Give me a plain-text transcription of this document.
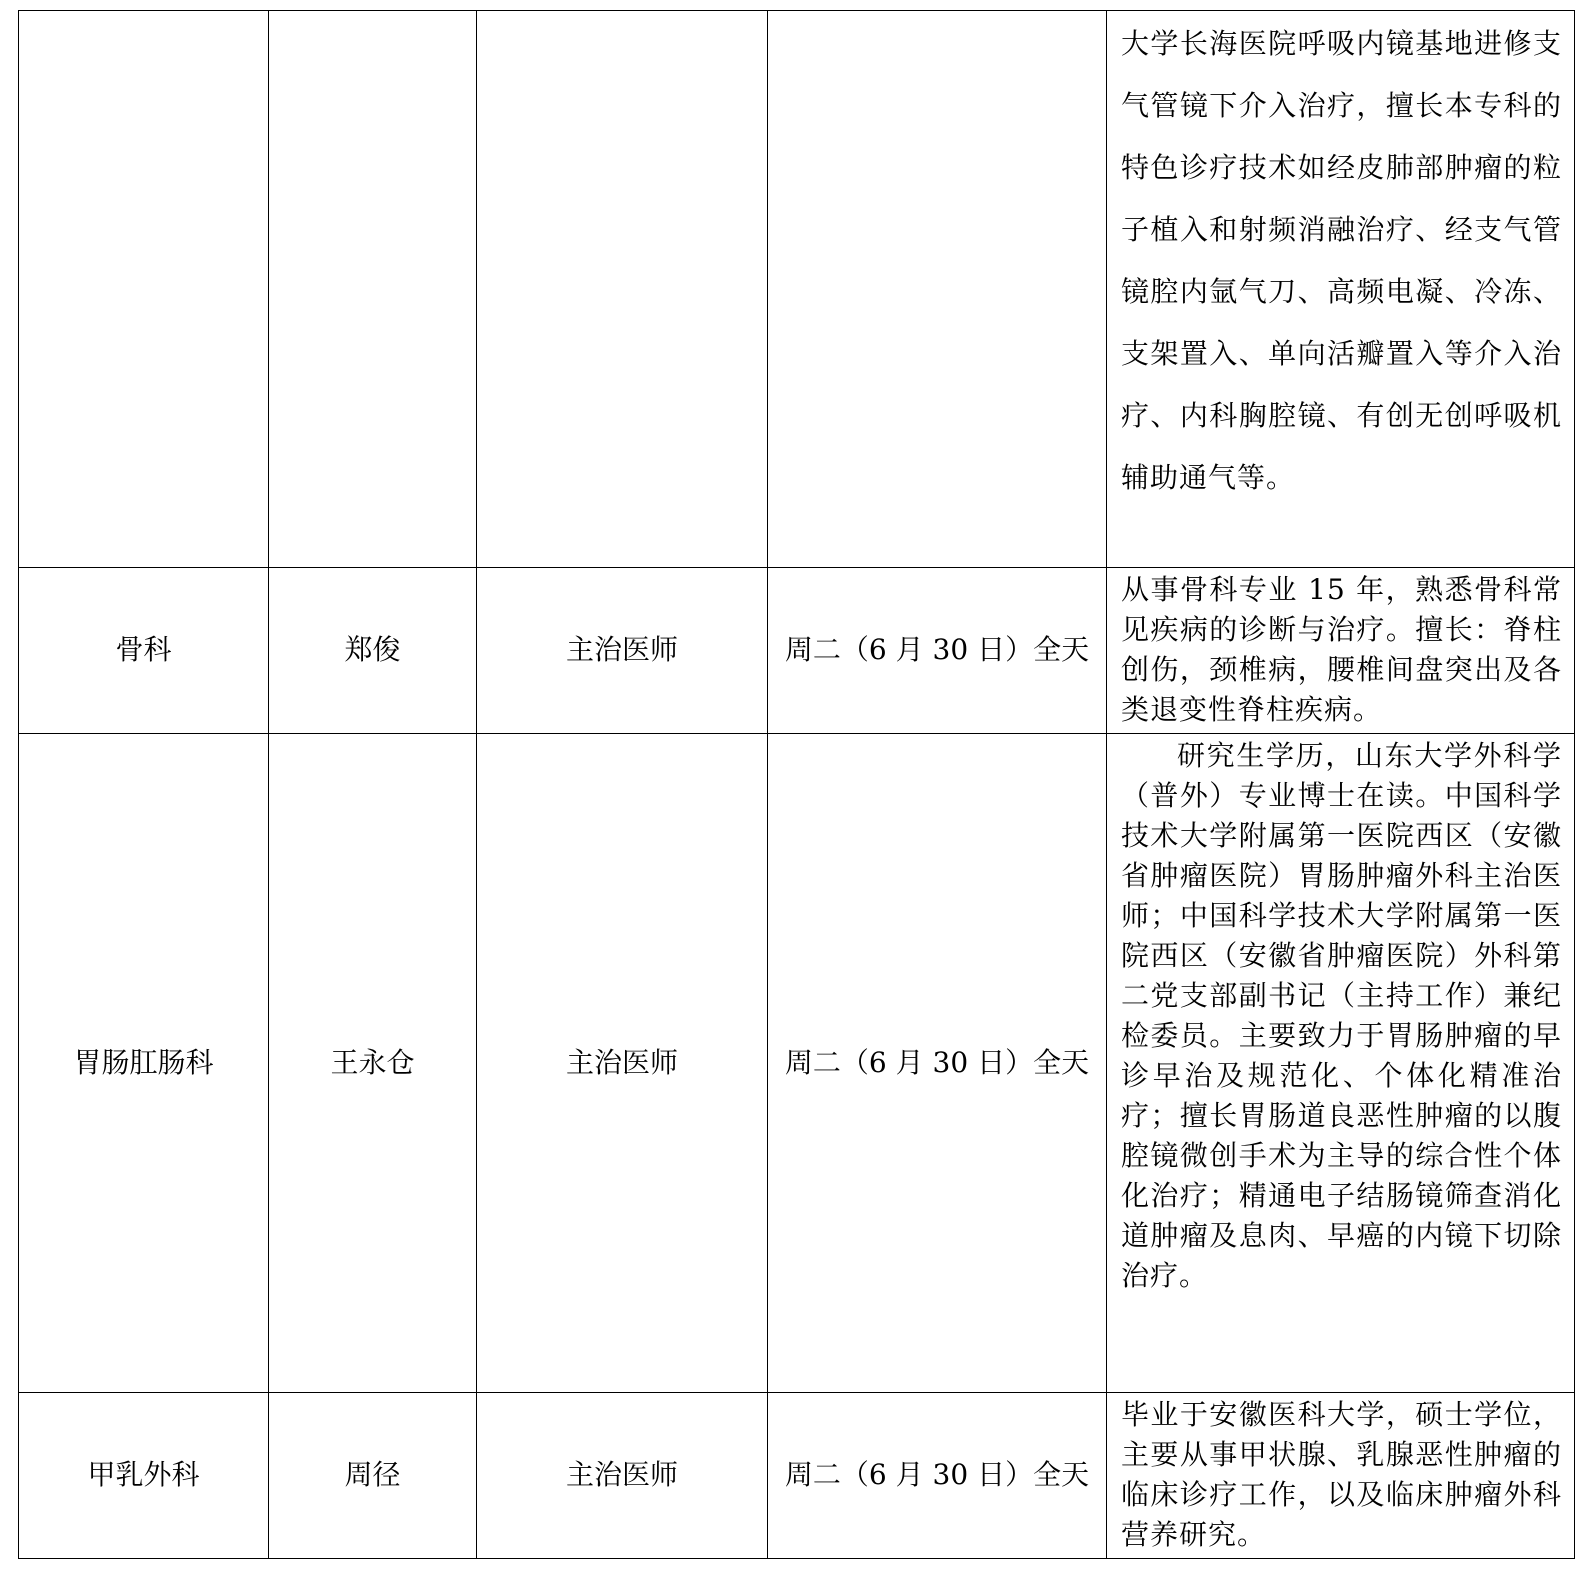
				大学长海医院呼吸内镜基地进修支气管镜下介入治疗，擅长本专科的特色诊疗技术如经皮肺部肿瘤的粒子植入和射频消融治疗、经支气管镜腔内氩气刀、高频电凝、冷冻、支架置入、单向活瓣置入等介入治疗、内科胸腔镜、有创无创呼吸机辅助通气等。

骨科	郑俊	主治医师	周二（6 月 30 日）全天	从事骨科专业 15 年，熟悉骨科常见疾病的诊断与治疗。擅长：脊柱创伤，颈椎病，腰椎间盘突出及各类退变性脊柱疾病。

胃肠肛肠科	王永仓	主治医师	周二（6 月 30 日）全天	研究生学历，山东大学外科学（普外）专业博士在读。中国科学技术大学附属第一医院西区（安徽省肿瘤医院）胃肠肿瘤外科主治医师；中国科学技术大学附属第一医院西区（安徽省肿瘤医院）外科第二党支部副书记（主持工作）兼纪检委员。主要致力于胃肠肿瘤的早诊早治及规范化、个体化精准治疗；擅长胃肠道良恶性肿瘤的以腹腔镜微创手术为主导的综合性个体化治疗；精通电子结肠镜筛查消化道肿瘤及息肉、早癌的内镜下切除治疗。

甲乳外科	周径	主治医师	周二（6 月 30 日）全天	毕业于安徽医科大学，硕士学位，主要从事甲状腺、乳腺恶性肿瘤的临床诊疗工作，以及临床肿瘤外科营养研究。
